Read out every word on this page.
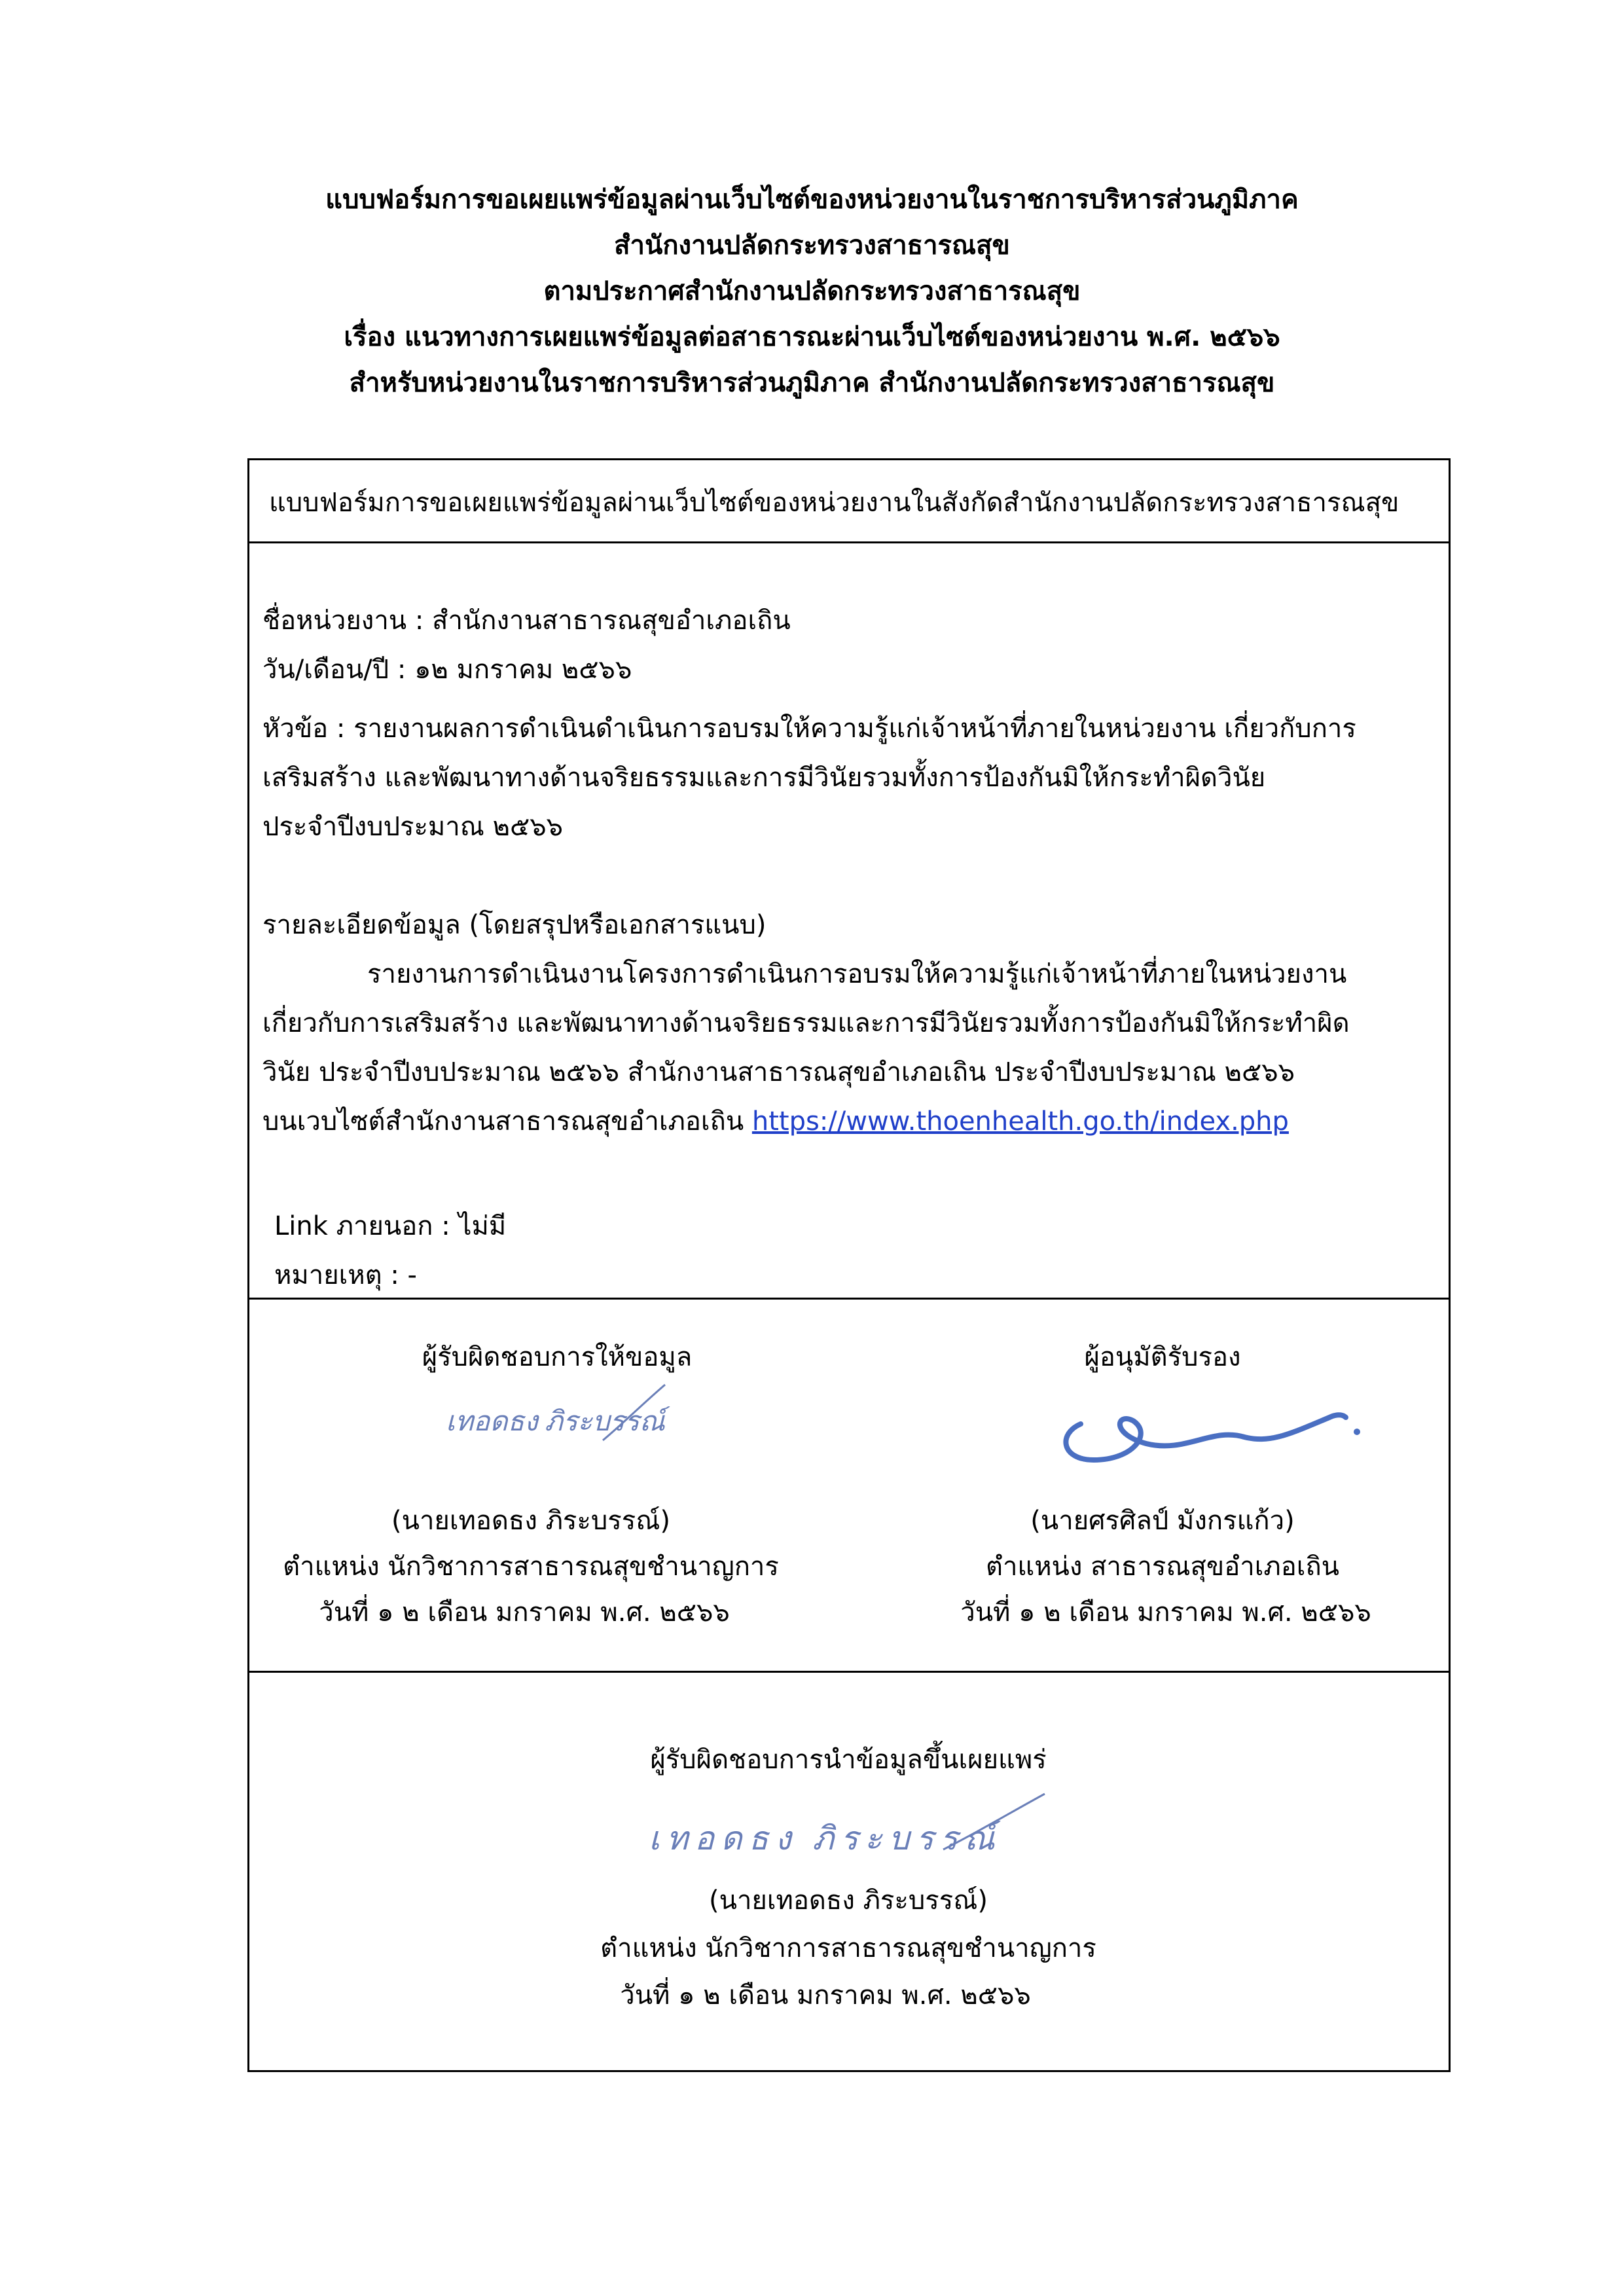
แบบฟอร์มการขอเผยแพร่ข้อมูลผ่านเว็บไซต์ของหน่วยงานในราชการบริหารส่วนภูมิภาค
สำนักงานปลัดกระทรวงสาธารณสุข
ตามประกาศสำนักงานปลัดกระทรวงสาธารณสุข
เรื่อง แนวทางการเผยแพร่ข้อมูลต่อสาธารณะผ่านเว็บไซต์ของหน่วยงาน พ.ศ. ๒๕๖๖
สำหรับหน่วยงานในราชการบริหารส่วนภูมิภาค สำนักงานปลัดกระทรวงสาธารณสุข
แบบฟอร์มการขอเผยแพร่ข้อมูลผ่านเว็บไซต์ของหน่วยงานในสังกัดสำนักงานปลัดกระทรวงสาธารณสุข
ชื่อหน่วยงาน : สำนักงานสาธารณสุขอำเภอเถิน
วัน/เดือน/ปี : ๑๒ มกราคม ๒๕๖๖
หัวข้อ : รายงานผลการดำเนินดำเนินการอบรมให้ความรู้แก่เจ้าหน้าที่ภายในหน่วยงาน เกี่ยวกับการ
เสริมสร้าง และพัฒนาทางด้านจริยธรรมและการมีวินัยรวมทั้งการป้องกันมิให้กระทำผิดวินัย
ประจำปีงบประมาณ ๒๕๖๖
รายละเอียดข้อมูล (โดยสรุปหรือเอกสารแนบ)
รายงานการดำเนินงานโครงการดำเนินการอบรมให้ความรู้แก่เจ้าหน้าที่ภายในหน่วยงาน
เกี่ยวกับการเสริมสร้าง และพัฒนาทางด้านจริยธรรมและการมีวินัยรวมทั้งการป้องกันมิให้กระทำผิด
วินัย ประจำปีงบประมาณ ๒๕๖๖ สำนักงานสาธารณสุขอำเภอเถิน ประจำปีงบประมาณ ๒๕๖๖
บนเวบไซต์สำนักงานสาธารณสุขอำเภอเถิน https://www.thoenhealth.go.th/index.php
Link ภายนอก : ไม่มี
หมายเหตุ : -
ผู้รับผิดชอบการให้ขอมูล
เทอดธง ภิระบรรณ์
(นายเทอดธง ภิระบรรณ์)
ตำแหน่ง นักวิชาการสาธารณสุขชำนาญการ
วันที่ ๑ ๒ เดือน มกราคม พ.ศ. ๒๕๖๖
ผู้อนุมัติรับรอง
(นายศรศิลป์ มังกรแก้ว)
ตำแหน่ง สาธารณสุขอำเภอเถิน
วันที่ ๑ ๒ เดือน มกราคม พ.ศ. ๒๕๖๖
ผู้รับผิดชอบการนำข้อมูลขึ้นเผยแพร่
เทอดธง ภิระบรรณ์
(นายเทอดธง ภิระบรรณ์)
ตำแหน่ง นักวิชาการสาธารณสุขชำนาญการ
วันที่ ๑ ๒ เดือน มกราคม พ.ศ. ๒๕๖๖
